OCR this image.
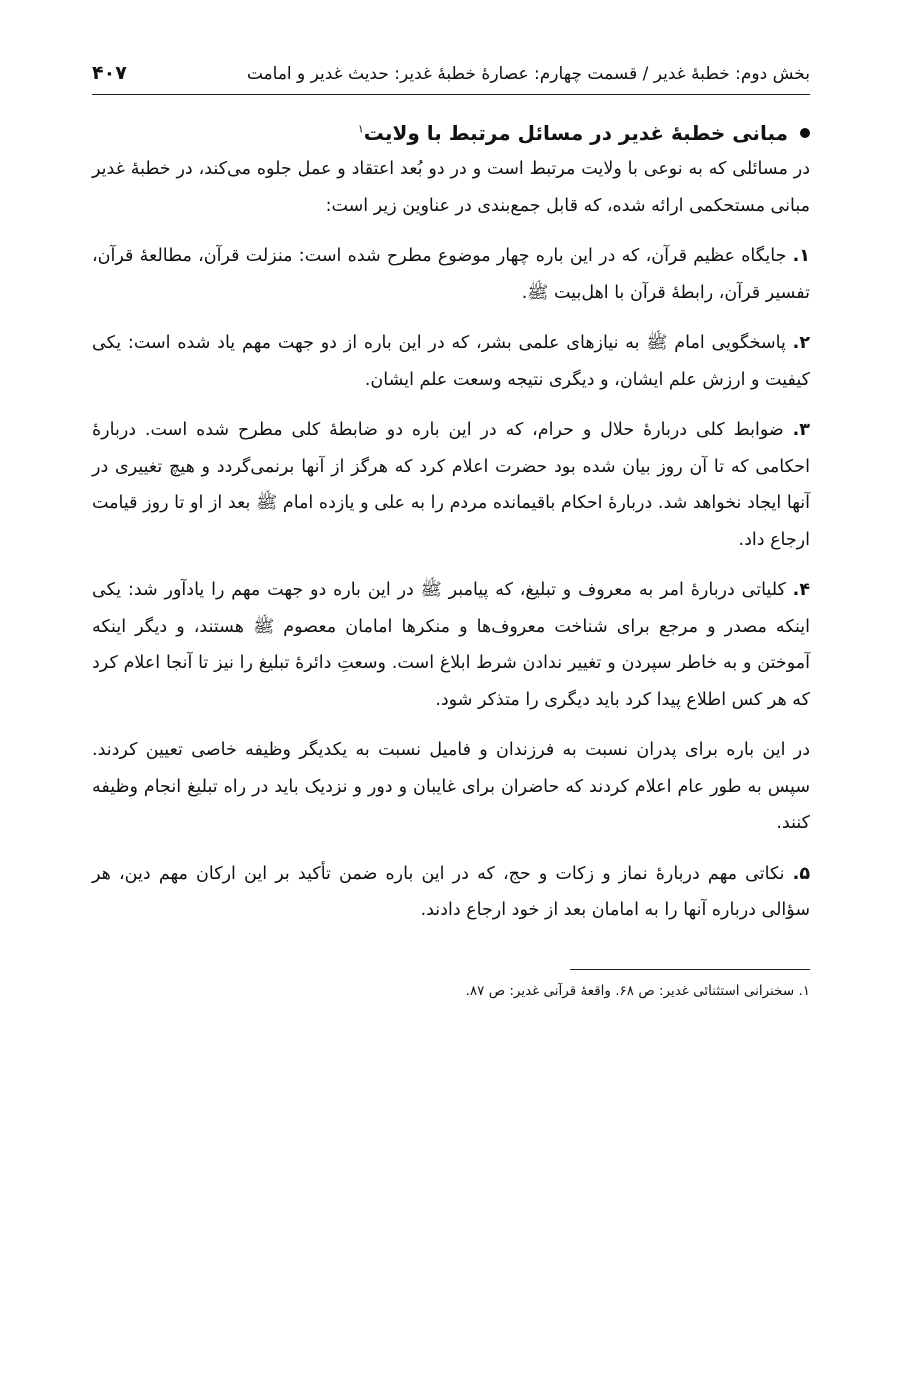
بخش دوم: خطبهٔ غدیر / قسمت چهارم: عصارهٔ خطبهٔ غدیر: حدیث غدیر و امامت
۴۰۷
مبانی خطبهٔ غدیر در مسائل مرتبط با ولایت$^۱$

در مسائلی که به نوعی با ولایت مرتبط است و در دو بُعد اعتقاد و عمل جلوه می‌کند، در خطبهٔ غدیر مبانی مستحکمی ارائه شده، که قابل جمع‌بندی در عناوین زیر است:

۱. جایگاه عظیم قرآن، که در این باره چهار موضوع مطرح شده است: منزلت قرآن، مطالعهٔ قرآن، تفسیر قرآن، رابطهٔ قرآن با اهل‌بیت ﷺ.

۲. پاسخگویی امام ﷺ به نیازهای علمی بشر، که در این باره از دو جهت مهم یاد شده است: یکی کیفیت و ارزش علم ایشان، و دیگری نتیجه وسعت علم ایشان.

۳. ضوابط کلی دربارهٔ حلال و حرام، که در این باره دو ضابطهٔ کلی مطرح شده است. دربارهٔ احکامی که تا آن روز بیان شده بود حضرت اعلام کرد که هرگز از آنها برنمی‌گردد و هیچ تغییری در آنها ایجاد نخواهد شد. دربارهٔ احکام باقیمانده مردم را به علی و یازده امام ﷺ بعد از او تا روز قیامت ارجاع داد.

۴. کلیاتی دربارهٔ امر به معروف و تبلیغ، که پیامبر ﷺ در این باره دو جهت مهم را یادآور شد: یکی اینکه مصدر و مرجع برای شناخت معروف‌ها و منکرها امامان معصوم ﷺ هستند، و دیگر اینکه آموختن و به خاطر سپردن و تغییر ندادن شرط ابلاغ است. وسعتِ دائرهٔ تبلیغ را نیز تا آنجا اعلام کرد که هر کس اطلاع پیدا کرد باید دیگری را متذکر شود.

در این باره برای پدران نسبت به فرزندان و فامیل نسبت به یکدیگر وظیفه خاصی تعیین کردند. سپس به طور عام اعلام کردند که حاضران برای غایبان و دور و نزدیک باید در راه تبلیغ انجام وظیفه کنند.

۵. نکاتی مهم دربارهٔ نماز و زکات و حج، که در این باره ضمن تأکید بر این ارکان مهم دین، هر سؤالی درباره آنها را به امامان بعد از خود ارجاع دادند.

۱. سخنرانی استثنائی غدیر: ص ۶۸. واقعهٔ قرآنی غدیر: ص ۸۷.
